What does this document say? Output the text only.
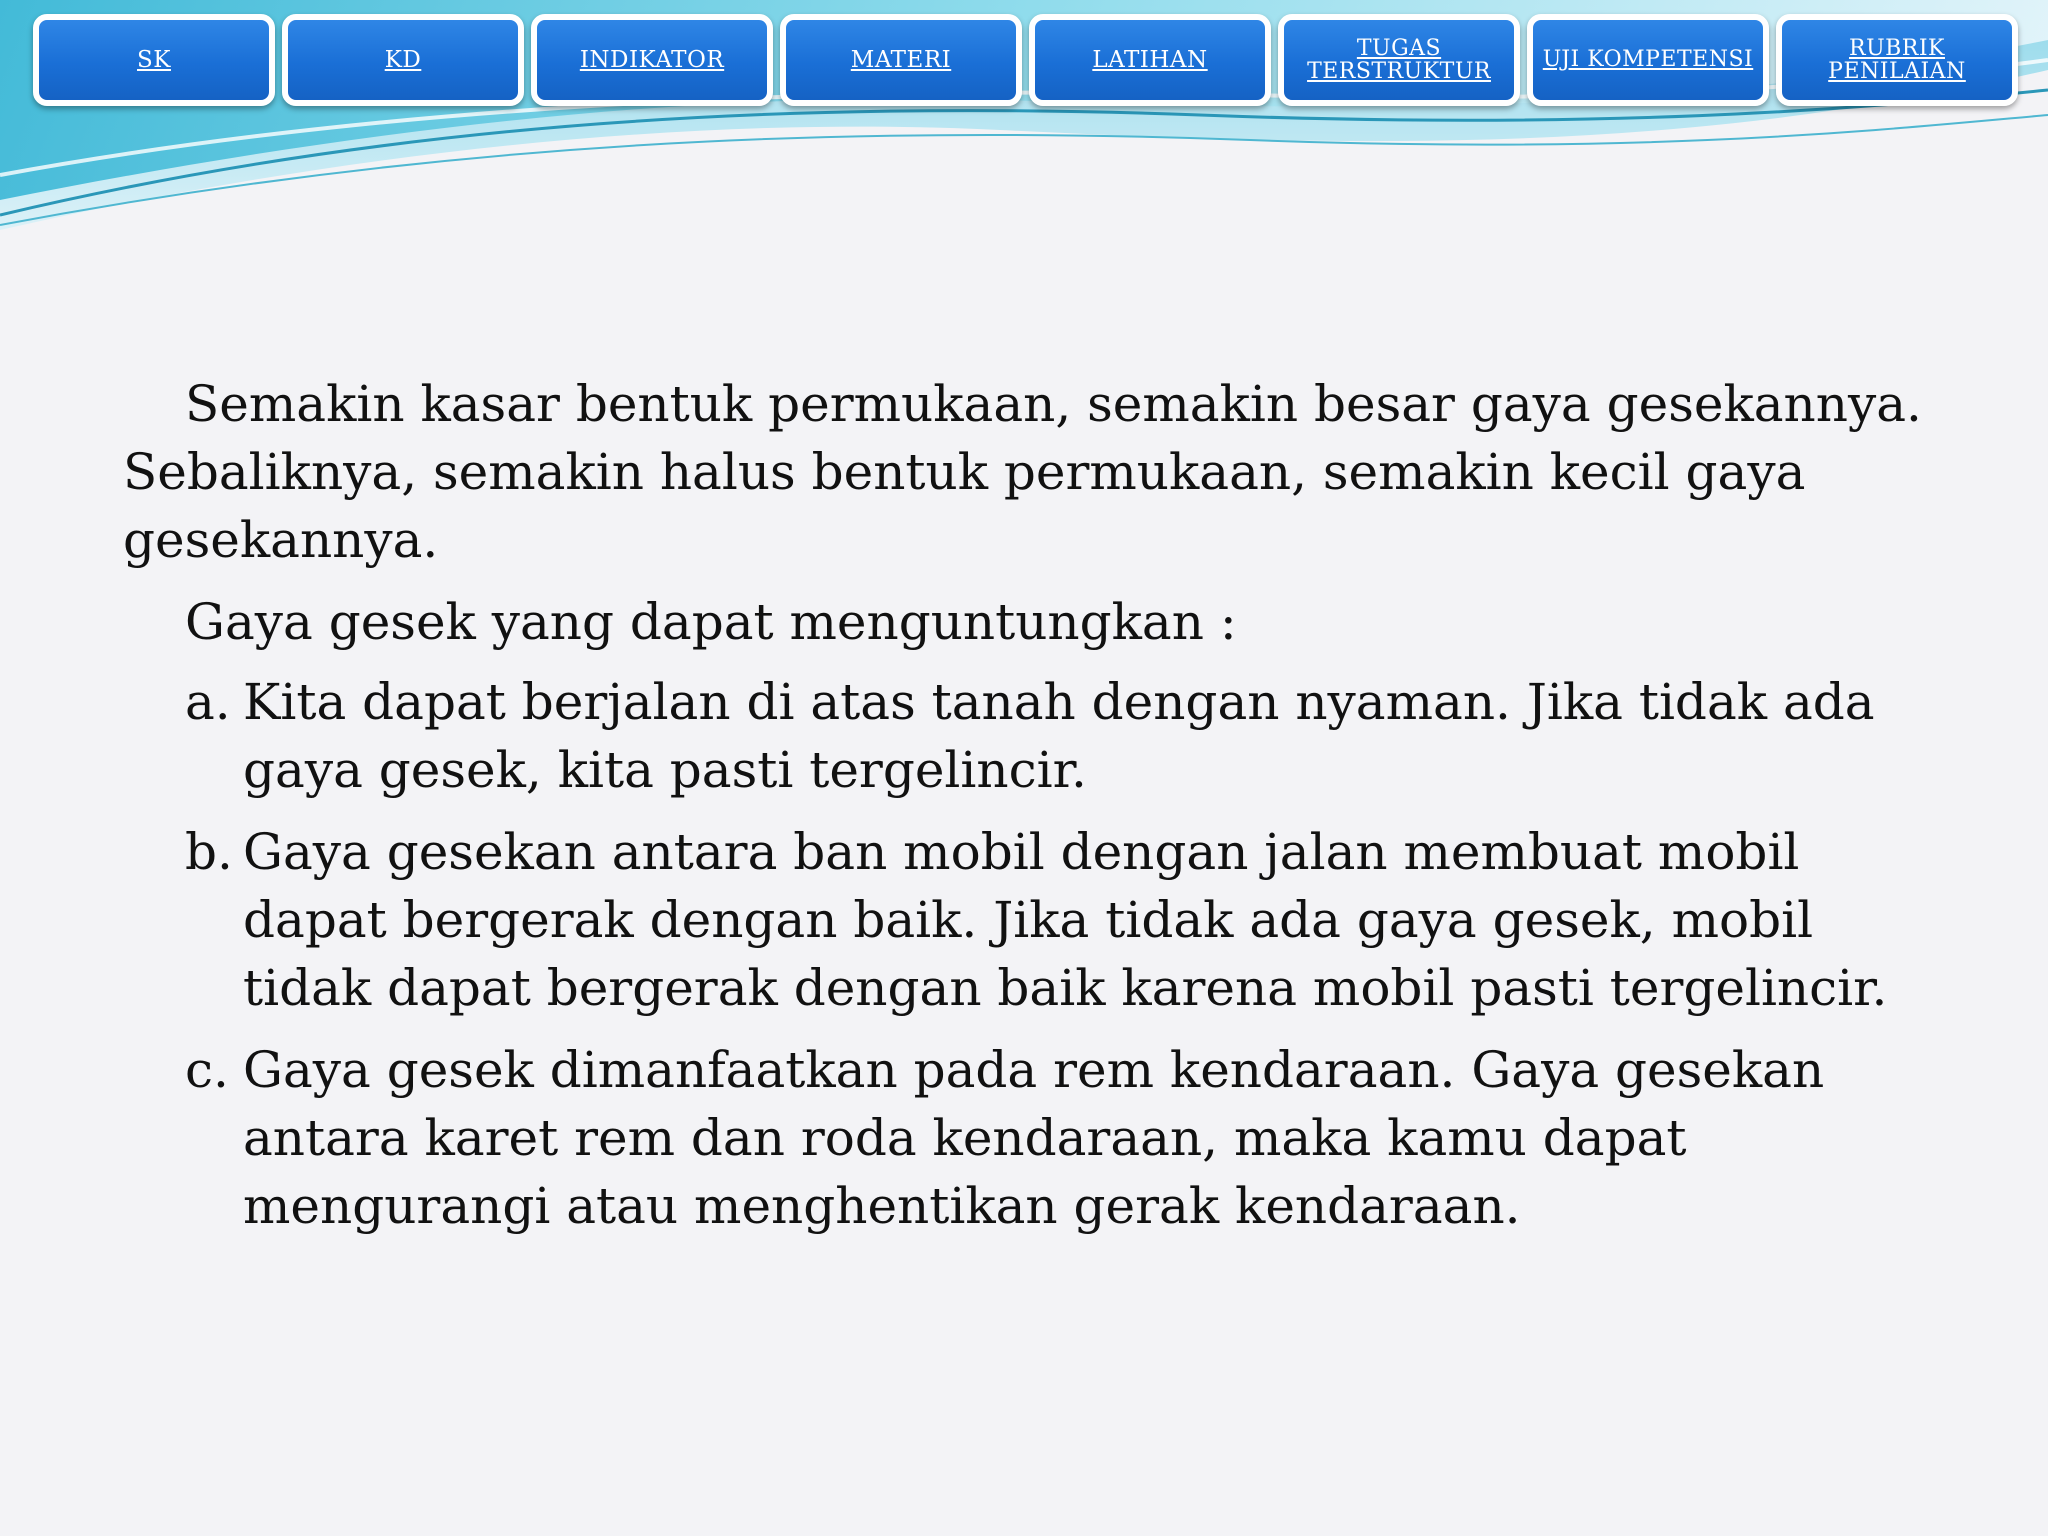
SK	KD	INDIKATOR	MATERI	LATIHAN	TUGAS TERSTRUKTUR	UJI KOMPETENSI	RUBRIK PENILAIAN

Semakin kasar bentuk permukaan, semakin besar gaya gesekannya. Sebaliknya, semakin halus bentuk permukaan, semakin kecil gaya gesekannya.

Gaya gesek yang dapat menguntungkan :

a. Kita dapat berjalan di atas tanah dengan nyaman. Jika tidak ada gaya gesek, kita pasti tergelincir.
b. Gaya gesekan antara ban mobil dengan jalan membuat mobil dapat bergerak dengan baik. Jika tidak ada gaya gesek, mobil tidak dapat bergerak dengan baik karena mobil pasti tergelincir.
c. Gaya gesek dimanfaatkan pada rem kendaraan. Gaya gesekan antara karet rem dan roda kendaraan, maka kamu dapat mengurangi atau menghentikan gerak kendaraan.
